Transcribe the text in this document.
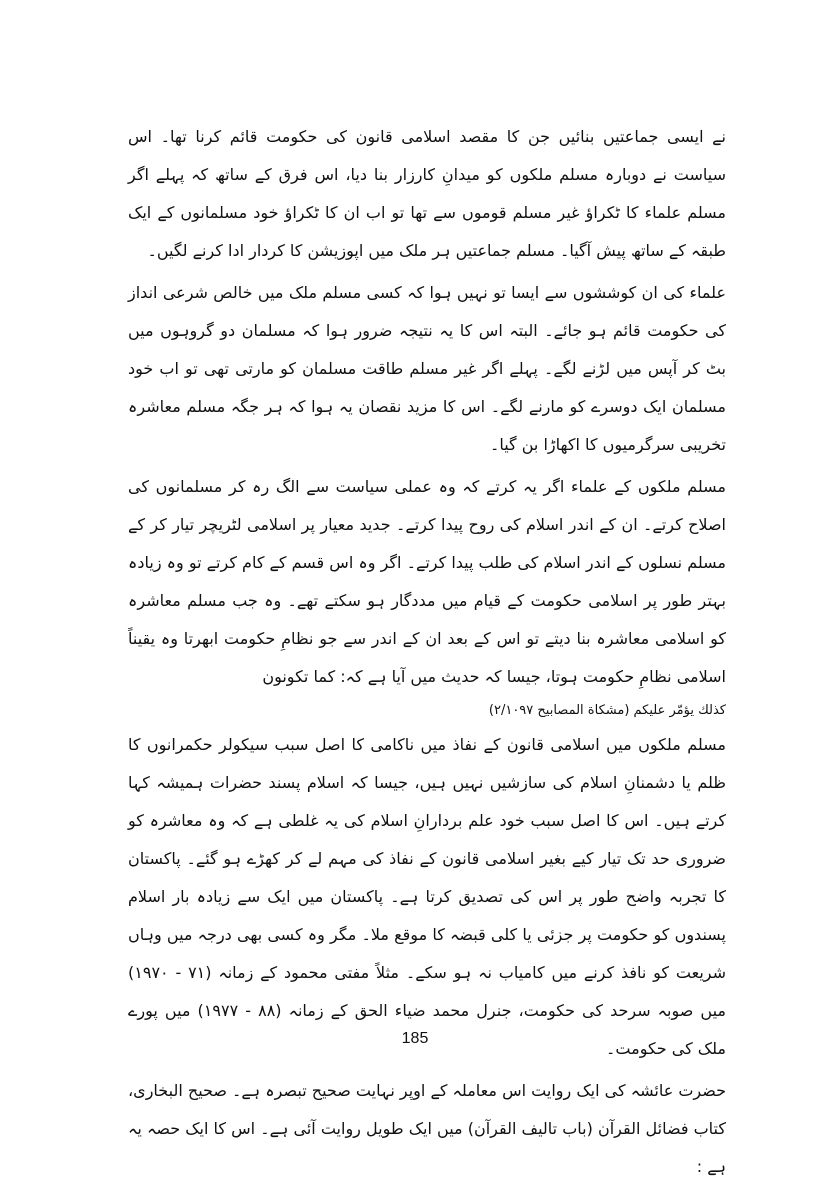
نے ایسی جماعتیں بنائیں جن کا مقصد اسلامی قانون کی حکومت قائم کرنا تھا۔ اس سیاست نے دوبارہ مسلم ملکوں کو میدانِ کارزار بنا دیا، اس فرق کے ساتھ کہ پہلے اگر مسلم علماء کا ٹکراؤ غیر مسلم قوموں سے تھا تو اب ان کا ٹکراؤ خود مسلمانوں کے ایک طبقہ کے ساتھ پیش آگیا۔ مسلم جماعتیں ہر ملک میں اپوزیشن کا کردار ادا کرنے لگیں۔

علماء کی ان کوششوں سے ایسا تو نہیں ہوا کہ کسی مسلم ملک میں خالص شرعی انداز کی حکومت قائم ہو جائے۔ البتہ اس کا یہ نتیجہ ضرور ہوا کہ مسلمان دو گروہوں میں بٹ کر آپس میں لڑنے لگے۔ پہلے اگر غیر مسلم طاقت مسلمان کو مارتی تھی تو اب خود مسلمان ایک دوسرے کو مارنے لگے۔ اس کا مزید نقصان یہ ہوا کہ ہر جگہ مسلم معاشرہ تخریبی سرگرمیوں کا اکھاڑا بن گیا۔

مسلم ملکوں کے علماء اگر یہ کرتے کہ وہ عملی سیاست سے الگ رہ کر مسلمانوں کی اصلاح کرتے۔ ان کے اندر اسلام کی روح پیدا کرتے۔ جدید معیار پر اسلامی لٹریچر تیار کر کے مسلم نسلوں کے اندر اسلام کی طلب پیدا کرتے۔ اگر وہ اس قسم کے کام کرتے تو وہ زیادہ بہتر طور پر اسلامی حکومت کے قیام میں مددگار ہو سکتے تھے۔ وہ جب مسلم معاشرہ کو اسلامی معاشرہ بنا دیتے تو اس کے بعد ان کے اندر سے جو نظامِ حکومت ابھرتا وہ یقیناً اسلامی نظامِ حکومت ہوتا، جیسا کہ حدیث میں آیا ہے کہ: کما تکونون

كذلك يؤمّر عليكم (مشكاة المصابيح ٢/١٠٩٧)

مسلم ملکوں میں اسلامی قانون کے نفاذ میں ناکامی کا اصل سبب سیکولر حکمرانوں کا ظلم یا دشمنانِ اسلام کی سازشیں نہیں ہیں، جیسا کہ اسلام پسند حضرات ہمیشہ کہا کرتے ہیں۔ اس کا اصل سبب خود علم بردارانِ اسلام کی یہ غلطی ہے کہ وہ معاشرہ کو ضروری حد تک تیار کیے بغیر اسلامی قانون کے نفاذ کی مہم لے کر کھڑے ہو گئے۔ پاکستان کا تجربہ واضح طور پر اس کی تصدیق کرتا ہے۔ پاکستان میں ایک سے زیادہ بار اسلام پسندوں کو حکومت پر جزئی یا کلی قبضہ کا موقع ملا۔ مگر وہ کسی بھی درجہ میں وہاں شریعت کو نافذ کرنے میں کامیاب نہ ہو سکے۔ مثلاً مفتی محمود کے زمانہ (۷۱ - ۱۹۷۰) میں صوبہ سرحد کی حکومت، جنرل محمد ضیاء الحق کے زمانہ (۸۸ - ۱۹۷۷) میں پورے ملک کی حکومت۔

حضرت عائشہ کی ایک روایت اس معاملہ کے اوپر نہایت صحیح تبصرہ ہے۔ صحیح البخاری، کتاب فضائل القرآن (باب تالیف القرآن) میں ایک طویل روایت آئی ہے۔ اس کا ایک حصہ یہ ہے :

185
